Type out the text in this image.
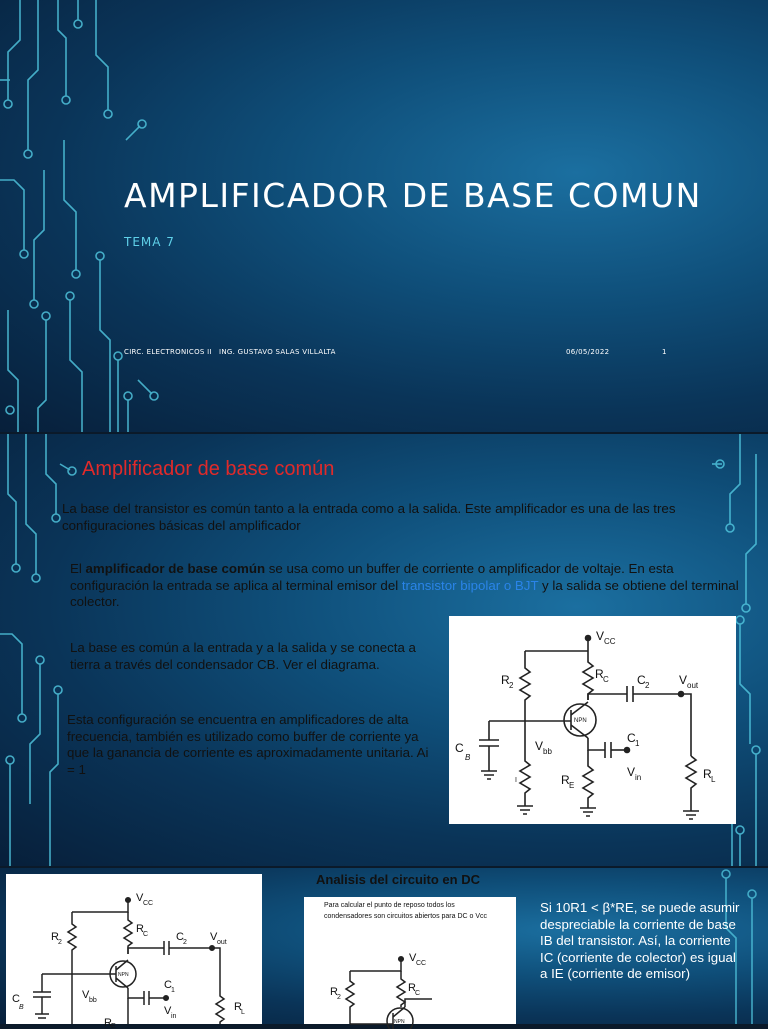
AMPLIFICADOR DE BASE COMUN
TEMA 7
CIRC. ELECTRONICOS II ING. GUSTAVO SALAS VILLALTA	06/05/2022	1
Amplificador de base común
La base del transistor es común tanto a la entrada como a la salida. Este amplificador es una de las tres configuraciones básicas del amplificador
El amplificador de base común se usa como un buffer de corriente o amplificador de voltaje. En esta configuración la entrada se aplica al terminal emisor del transistor bipolar o BJT y la salida se obtiene del terminal colector.
La base es común a la entrada y a la salida y se conecta a tierra a través del condensador CB. Ver el diagrama.
Esta configuración se encuentra en amplificadores de alta frecuencia, también es utilizado como buffer de corriente ya que la ganancia de corriente es aproximadamente unitaria. Ai = 1
V CC
R 2
R C C 2 V out
C
B
V bb
NPN
C 1
R E
V in	R L
I
V CC
R 2
R C	C 2 V out
C
B
V bb
NPN
C 1
V in
R L
R E
Analisis del circuito en DC
Para calcular el punto de reposo todos los condensadores son circuitos abiertos para DC o Vcc
V CC
R 2
R C
NPN
Si 10R1 < β*RE, se puede asumir despreciable la corriente de base IB del transistor. Así, la corriente IC (corriente de colector) es igual a IE (corriente de emisor)
